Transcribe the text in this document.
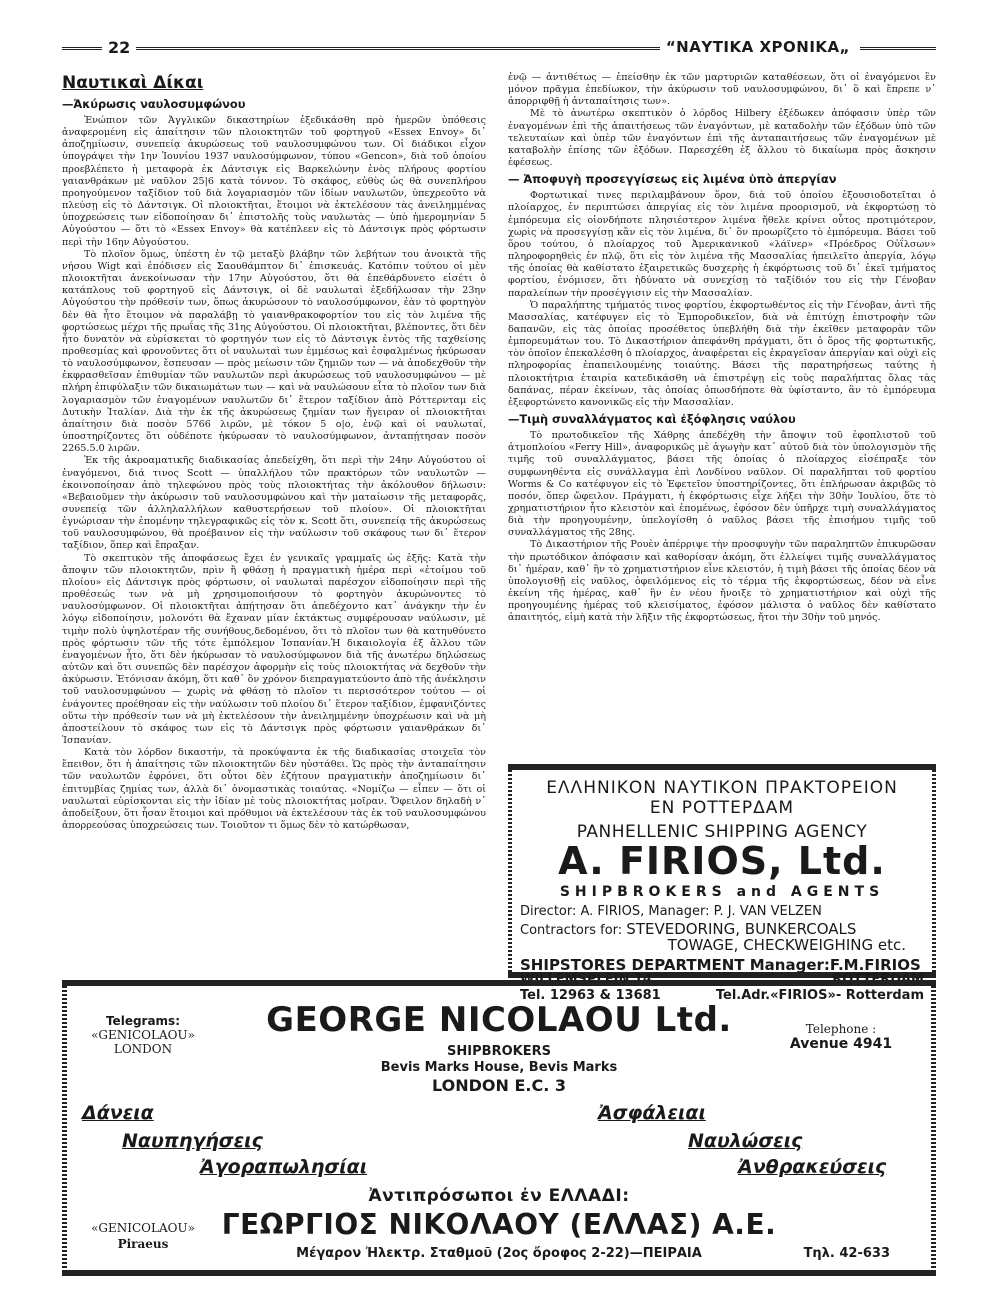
22	“ΝΑΥΤΙΚΑ ΧΡΟΝΙΚΑ„
Ναυτικαὶ Δίκαι
—Ἀκύρωσις ναυλοσυμφώνου

Ἐνώπιον τῶν Ἀγγλικῶν δικαστηρίων ἐξεδικάσθη πρὸ ἡμερῶν ὑπόθεσις ἀναφερομένη εἰς ἀπαίτησιν τῶν πλοιοκτητῶν τοῦ φορτηγοῦ «Essex Envoy» δι᾽ ἀποζημίωσιν, συνεπείᾳ ἀκυρώσεως τοῦ ναυλοσυμφώνου των. Οἱ διάδικοι εἶχον ὑπογράψει τὴν 1ην Ἰουνίου 1937 ναυλοσύμφωνον, τύπου «Gencon», διὰ τοῦ ὁποίου προεβλέπετο ἡ μεταφορὰ ἐκ Δάντσιγκ εἰς Βαρκελώνην ἑνὸς πλήρους φορτίου γαιανθράκων μὲ ναῦλον 25|6 κατὰ τόννον. Τὸ σκάφος, εὐθὺς ὡς θὰ συνεπλήρου προηγούμενον ταξίδιον τοῦ διὰ λογαριασμὸν τῶν ἰδίων ναυλωτῶν, ὑπεχρεοῦτο νὰ πλεύσῃ εἰς τὸ Δάντσιγκ. Οἱ πλοιοκτῆται, ἕτοιμοι νὰ ἐκτελέσουν τὰς ἀνειλημμένας ὑποχρεώσεις των εἰδοποίησαν δι᾽ ἐπιστολῆς τοὺς ναυλωτὰς — ὑπὸ ἡμερομηνίαν 5 Αὐγούστου — ὅτι τὸ «Essex Envoy» θὰ κατέπλεεν εἰς τὸ Δάντσιγκ πρὸς φόρτωσιν περὶ τὴν 16ην Αὐγούστου.

Τὸ πλοῖον ὅμως, ὑπέστη ἐν τῷ μεταξὺ βλάβην τῶν λεβήτων του ἀνοικτὰ τῆς νήσου Wigt καὶ ἐπόδισεν εἰς Σαουθάμπτον δι᾽ ἐπισκευάς. Κατόπιν τούτου οἱ μὲν πλοιοκτῆται ἀνεκοίνωσαν τὴν 17ην Αὐγούστου, ὅτι θὰ ἐπεθάρδυνετο εἰσέτι ὁ κατάπλους τοῦ φορτηγοῦ εἰς Δάντσιγκ, οἱ δὲ ναυλωταὶ ἐξεδήλωσαν τὴν 23ην Αὐγούστου τὴν πρόθεσίν των, ὅπως ἀκυρώσουν τὸ ναυλοσύμφωνον, ἐὰν τὸ φορτηγὸν δὲν θὰ ἦτο ἕτοιμον νὰ παραλάβῃ τὸ γαιανθρακοφορτίον του εἰς τὸν λιμένα τῆς φορτώσεως μέχρι τῆς πρωΐας τῆς 31ης Αὐγούστου. Οἱ πλοιοκτῆται, βλέποντες, ὅτι δὲν ἦτο δυνατὸν νὰ εὑρίσκεται τὸ φορτηγόν των εἰς τὸ Δάντσιγκ ἐντὸς τῆς ταχθείσης προθεσμίας καὶ φρονοῦντες ὅτι οἱ ναυλωταὶ των ἐμμέσως καὶ ἐσφαλμένως ἠκύρωσαν τὸ ναυλοσύμφωνον, ἔσπευσαν — πρὸς μείωσιν τῶν ζημιῶν των — νὰ ἀποδεχθοῦν τὴν ἐκφρασθεῖσαν ἐπιθυμίαν τῶν ναυλωτῶν περὶ ἀκυρώσεως τοῦ ναυλοσυμφώνου — μὲ πλήρη ἐπιφύλαξιν τῶν δικαιωμάτων των — καὶ νὰ ναυλώσουν εἶτα τὸ πλοῖον των διὰ λογαριασμὸν τῶν ἐναγομένων ναυλωτῶν δι᾽ ἕτερον ταξίδιον ἀπὸ Ρόττερνταμ εἰς Δυτικὴν Ἰταλίαν. Διὰ τὴν ἐκ τῆς ἀκυρώσεως ζημίαν των ἤγειραν οἱ πλοιοκτῆται ἀπαίτησιν διὰ ποσὸν 5766 λιρῶν, μὲ τόκον 5 ο|ο, ἐνῷ καὶ οἱ ναυλωταί, ὑποστηρίζοντες ὅτι οὐδέποτε ἠκύρωσαν τὸ ναυλοσύμφωνον, ἀνταπῄτησαν ποσὸν 2265.5.0 λιρῶν.

Ἐκ τῆς ἀκροαματικῆς διαδικασίας ἀπεδείχθη, ὅτι περὶ τὴν 24ην Αὐγούστου οἱ ἐναγόμενοι, διά τινος Scott — ὑπαλλήλου τῶν πρακτόρων τῶν ναυλωτῶν —ἐκοινοποίησαν ἀπὸ τηλεφώνου πρὸς τοὺς πλοιοκτήτας τὴν ἀκόλουθον δήλωσιν: «Βεβαιοῦμεν τὴν ἀκύρωσιν τοῦ ναυλοσυμφώνου καὶ τὴν ματαίωσιν τῆς μεταφορᾶς, συνεπείᾳ τῶν ἀλληλαλλήλων καθυστερήσεων τοῦ πλοίου». Οἱ πλοιοκτῆται ἐγνώρισαν τὴν ἐπομένην τηλεγραφικῶς εἰς τὸν κ. Scott ὅτι, συνεπείᾳ τῆς ἀκυρώσεως τοῦ ναυλοσυμφώνου, θὰ προέβαινον εἰς τὴν ναύλωσιν τοῦ σκάφους των δι᾽ ἕτερον ταξίδιον, ὅπερ καὶ ἔπραξαν.

Τὸ σκεπτικὸν τῆς ἀποφάσεως ἔχει ἐν γενικαῖς γραμμαῖς ὡς ἑξῆς: Κατὰ τὴν ἄποψιν τῶν πλοιοκτητῶν, πρὶν ἢ φθάσῃ ἡ πραγματικὴ ἡμέρα περὶ «ἑτοίμου τοῦ πλοίου» εἰς Δάντσιγκ πρὸς φόρτωσιν, οἱ ναυλωταὶ παρέσχον εἰδοποίησιν περὶ τῆς προθέσεώς των νὰ μὴ χρησιμοποιήσουν τὸ φορτηγὸν ἀκυρώνοντες τὸ ναυλοσύμφωνον. Οἱ πλοιοκτῆται ἀπῄτησαν ὅτι ἀπεδέχοντο κατ᾽ ἀνάγκην τὴν ἐν λόγῳ εἰδοποίησιν, μολονότι θὰ ἔχαναν μίαν ἐκτάκτως συμφέρουσαν ναύλωσιν, μὲ τιμὴν πολὺ ὑψηλοτέραν τῆς συνήθους,δεδομένου, ὅτι τὸ πλοῖον των θὰ κατηυθύνετο πρὸς φόρτωσιν τῶν τῆς τότε ἐμπόλεμον Ἰσπανίαν.Ἡ δικαιολογία ἐξ ἄλλου τῶν ἐναγομένων ἦτο, ὅτι δὲν ἠκύρωσαν τὸ ναυλοσύμφωνον διὰ τῆς ἀνωτέρω δηλώσεως αὐτῶν καὶ ὅτι συνεπῶς δὲν παρέσχον ἀφορμὴν εἰς τοὺς πλοιοκτήτας νὰ δεχθοῦν τὴν ἀκύρωσιν. Ἐτόνισαν ἀκόμη, ὅτι καθ᾽ ὃν χρόνον διεπραγματεύοντο ἀπὸ τῆς ἀνέκλησιν τοῦ ναυλοσυμφώνου — χωρὶς νὰ φθάσῃ τὸ πλοῖον τι περισσότερον τούτου — οἱ ἐνάγοντες προέθησαν εἰς τὴν ναύλωσιν τοῦ πλοίου δι᾽ ἕτερον ταξίδιον, ἐμφανιζόντες οὕτω τὴν πρόθεσίν των νὰ μὴ ἐκτελέσουν τὴν ἀνειλημμένην ὑποχρέωσιν καὶ νὰ μὴ ἀποστείλουν τὸ σκάφος των εἰς τὸ Δάντσιγκ πρὸς φόρτωσιν γαιανθράκων δι᾽ Ἰσπανίαν.

Κατὰ τὸν λόρδον δικαστήν, τὰ προκύψαντα ἐκ τῆς διαδικασίας στοιχεῖα τὸν ἔπειθον, ὅτι ἡ ἀπαίτησις τῶν πλοιοκτητῶν δὲν ηὐστάθει. Ὡς πρὸς τὴν ἀνταπαίτησιν τῶν ναυλωτῶν ἐφρόνει, ὅτι οὗτοι δὲν ἐζήτουν πραγματικὴν ἀποζημίωσιν δι᾽ ἐπιτυμβίας ζημίας των, ἀλλὰ δι᾽ ὀνομαστικὰς τοιαύτας. «Νομίζω — εἶπεν — ὅτι οἱ ναυλωταὶ εὑρίσκονται εἰς τὴν ἰδίαν μὲ τοὺς πλοιοκτήτας μοῖραν. Ὄφειλον δηλαδὴ ν᾽ ἀποδείξουν, ὅτι ἦσαν ἕτοιμοι καὶ πρόθυμοι νὰ ἐκτελέσουν τὰς ἐκ τοῦ ναυλοσυμφώνου ἀπορρεούσας ὑποχρεώσεις των. Τοιοῦτον τι ὅμως δὲν τὸ κατώρθωσαν,

ἐνῷ — ἀντιθέτως — ἐπείσθην ἐκ τῶν μαρτυριῶν καταθέσεων, ὅτι οἱ ἐναγόμενοι ἓν μόνον πρᾶγμα ἐπεδίωκον, τὴν ἀκύρωσιν τοῦ ναυλοσυμφώνου, δι᾽ ὃ καὶ ἔπρεπε ν᾽ ἀπορριφθῇ ἡ ἀνταπαίτησις των».

Μὲ τὸ ἀνωτέρω σκεπτικὸν ὁ λόρδος Hilbery ἐξέδωκεν ἀπόφασιν ὑπὲρ τῶν ἐναγομένων ἐπὶ τῆς ἀπαιτήσεως τῶν ἐναγόντων, μὲ καταδολὴν τῶν ἐξόδων ὑπὸ τῶν τελευταίων καὶ ὑπὲρ τῶν ἐναγόντων ἐπὶ τῆς ἀνταπαιτήσεως τῶν ἐναγομένων μὲ καταβολὴν ἐπίσης τῶν ἐξόδων. Παρεσχέθη ἐξ ἄλλου τὸ δικαίωμα πρὸς ἄσκησιν ἐφέσεως.

— Ἀποφυγὴ προσεγγίσεως εἰς λιμένα ὑπὸ ἀπεργίαν

Φορτωτικαί τινες περιλαμβάνουν ὅρον, διὰ τοῦ ὁποίου ἐξουσιοδοτεῖται ὁ πλοίαρχος, ἐν περιπτώσει ἀπεργίας εἰς τὸν λιμένα προορισμοῦ, νὰ ἐκφορτώσῃ τὸ ἐμπόρευμα εἰς οἱονδήποτε πλησιέστερον λιμένα ἤθελε κρίνει οὗτος προτιμότερον, χωρὶς νὰ προσεγγίσῃ κἂν εἰς τὸν λιμένα, δι᾽ ὃν προωρίζετο τὸ ἐμπόρευμα. Βάσει τοῦ ὅρου τούτου, ὁ πλοίαρχος τοῦ Ἀμερικανικοῦ «λάϊνερ» «Πρόεδρος Οὐΐλσων» πληροφορηθεὶς ἐν πλῷ, ὅτι εἰς τὸν λιμένα τῆς Μασσαλίας ἠπειλεῖτο ἀπεργία, λόγῳ τῆς ὁποίας θὰ καθίστατο ἐξαιρετικῶς δυσχερὴς ἡ ἐκφόρτωσις τοῦ δι᾽ ἐκεῖ τμήματος φορτίου, ἐνόμισεν, ὅτι ἠδύνατο νὰ συνεχίσῃ τὸ ταξίδιόν του εἰς τὴν Γένοβαν παραλείπων τὴν προσέγγισιν εἰς τὴν Μασσαλίαν.

Ὁ παραλήπτης τμήματός τινος φορτίου, ἐκφορτωθέντος εἰς τὴν Γένοβαν, ἀντὶ τῆς Μασσαλίας, κατέφυγεν εἰς τὸ Ἐμποροδικεῖον, διὰ νὰ ἐπιτύχῃ ἐπιστροφὴν τῶν δαπανῶν, εἰς τὰς ὁποίας προσέθετος ὑπεβλήθη διὰ τὴν ἐκεῖθεν μεταφορὰν τῶν ἐμπορευμάτων του. Τὸ Δικαστήριον ἀπεφάνθη πράγματι, ὅτι ὁ ὅρος τῆς φορτωτικῆς, τὸν ὁποῖον ἐπεκαλέσθη ὁ πλοίαρχος, ἀναφέρεται εἰς ἐκραγεῖσαν ἀπεργίαν καὶ οὐχὶ εἰς πληροφορίας ἐπαπειλουμένης τοιαύτης. Βάσει τῆς παρατηρήσεως ταύτης ἡ πλοιοκτήτρια ἑταιρία κατεδικάσθη νὰ ἐπιστρέψῃ εἰς τοὺς παραλήπτας ὅλας τὰς δαπάνας, πέραν ἐκείνων, τὰς ὁποίας ὁπωσδήποτε θὰ ὑφίσταντο, ἂν τὸ ἐμπόρευμα ἐξεφορτώνετο κανονικῶς εἰς τὴν Μασσαλίαν.

—Τιμὴ συναλλάγματος καὶ ἐξόφλησις ναύλου

Τὸ πρωτοδικεῖον τῆς Χάθρης ἀπεδέχθη τὴν ἄποψιν τοῦ ἐφοπλιστοῦ τοῦ ἀτμοπλοίου «Ferry Hill», ἀναφορικῶς μὲ ἀγωγὴν κατ᾽ αὐτοῦ διὰ τὸν ὑπολογισμὸν τῆς τιμῆς τοῦ συναλλάγματος, βάσει τῆς ὁποίας ὁ πλοίαρχος εἰσέπραξε τὸν συμφωνηθέντα εἰς συνάλλαγμα ἐπὶ Λονδίνου ναῦλον. Οἱ παραλῆπται τοῦ φορτίου Worms & Co κατέφυγον εἰς τὸ Ἐφετεῖον ὑποστηρίζοντες, ὅτι ἐπλήρωσαν ἀκριβῶς τὸ ποσόν, ὅπερ ὤφειλον. Πράγματι, ἡ ἐκφόρτωσις εἶχε λήξει τὴν 30ὴν Ἰουλίου, ὅτε τὸ χρηματιστήριον ἦτο κλειστὸν καὶ ἑπομένως, ἐφόσον δὲν ὑπῆρχε τιμὴ συναλλάγματος διὰ τὴν προηγουμένην, ὑπελογίσθη ὁ ναῦλος βάσει τῆς ἐπισήμου τιμῆς τοῦ συναλλάγματος τῆς 28ης.

Τὸ Δικαστήριον τῆς Ρουὲν ἀπέρριψε τὴν προσφυγὴν τῶν παραληπτῶν ἐπικυρῶσαν τὴν πρωτόδικον ἀπόφασιν καὶ καθορίσαν ἀκόμη, ὅτι ἐλλείψει τιμῆς συναλλάγματος δι᾽ ἡμέραν, καθ᾽ ἣν τὸ χρηματιστήριον εἶνε κλειστόν, ἡ τιμὴ βάσει τῆς ὁποίας δέον νὰ ὑπολογισθῇ εἰς ναῦλος, ὁφειλόμενος εἰς τὸ τέρμα τῆς ἐκφορτώσεως, δέον νὰ εἶνε ἐκείνη τῆς ἡμέρας, καθ᾽ ἣν ἐν νέου ἤνοιξε τὸ χρηματιστήριον καὶ οὐχὶ τῆς προηγουμένης ἡμέρας τοῦ κλεισίματος, ἐφόσον μάλιστα ὁ ναῦλος δὲν καθίστατο ἀπαιτητός, εἰμὴ κατὰ τὴν λῆξιν τῆς ἐκφορτώσεως, ἤτοι τὴν 30ὴν τοῦ μηνός.

ΕΛΛΗΝΙΚΟΝ ΝΑΥΤΙΚΟΝ ΠΡΑΚΤΟΡΕΙΟΝ
ΕΝ ΡΟΤΤΕΡΔΑΜ
PANHELLENIC SHIPPING AGENCY
A. FIRIOS, Ltd.
SHIPBROKERS and AGENTS
Director: A. FIRIOS, Manager: P. J. VAN VELZEN
Contractors for: STEVEDORING, BUNKERCOALS
TOWAGE, CHECKWEIGHING etc.
SHIPSTORES DEPARTMENT Manager:F.M.FIRIOS
WILLEMSPLEIN 14	ROTTERDAM
Tel. 12963 & 13681	Tel.Adr.«FIRIOS»- Rotterdam
Telegrams:
«GENICOLAOU»
LONDON
GEORGE NICOLAOU Ltd.	Telephone :
Avenue 4941
SHIPBROKERS
Bevis Marks House, Bevis Marks
LONDON E.C. 3
Δάνεια	Ἀσφάλειαι
Ναυπηγήσεις	Ναυλώσεις
Ἀγοραπωλησίαι	Ἀνθρακεύσεις
Ἀντιπρόσωποι ἐν ΕΛΛΑΔΙ:
ΓΕΩΡΓΙΟΣ ΝΙΚΟΛΑΟΥ (ΕΛΛΑΣ) Α.Ε.
«GENICOLAOU»
Piraeus
Μέγαρον Ἠλεκτρ. Σταθμοῦ (2ος ὄροφος 2-22)—ΠΕΙΡΑΙΑ	Τηλ. 42-633
